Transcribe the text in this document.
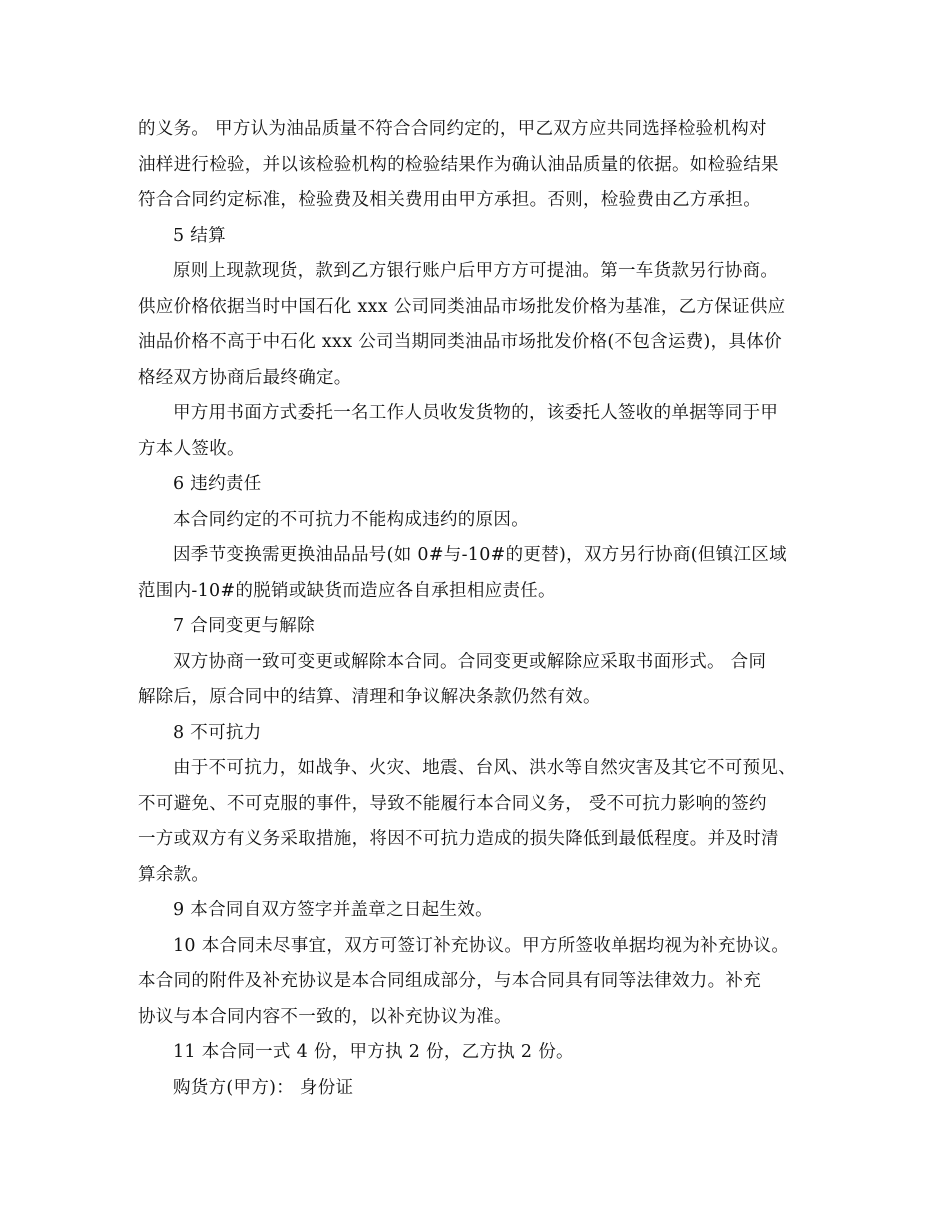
的义务。 甲方认为油品质量不符合合同约定的，甲乙双方应共同选择检验机构对
油样进行检验，并以该检验机构的检验结果作为确认油品质量的依据。如检验结果
符合合同约定标准，检验费及相关费用由甲方承担。否则，检验费由乙方承担。
5 结算
原则上现款现货，款到乙方银行账户后甲方方可提油。第一车货款另行协商。
供应价格依据当时中国石化 xxx 公司同类油品市场批发价格为基准，乙方保证供应
油品价格不高于中石化 xxx 公司当期同类油品市场批发价格(不包含运费)，具体价
格经双方协商后最终确定。
甲方用书面方式委托一名工作人员收发货物的，该委托人签收的单据等同于甲
方本人签收。
6 违约责任
本合同约定的不可抗力不能构成违约的原因。
因季节变换需更换油品品号(如 0#与-10#的更替)，双方另行协商(但镇江区域
范围内-10#的脱销或缺货而造应各自承担相应责任。
7 合同变更与解除
双方协商一致可变更或解除本合同。合同变更或解除应采取书面形式。 合同
解除后，原合同中的结算、清理和争议解决条款仍然有效。
8 不可抗力
由于不可抗力，如战争、火灾、地震、台风、洪水等自然灾害及其它不可预见、
不可避免、不可克服的事件，导致不能履行本合同义务， 受不可抗力影响的签约
一方或双方有义务采取措施，将因不可抗力造成的损失降低到最低程度。并及时清
算余款。
9 本合同自双方签字并盖章之日起生效。
10 本合同未尽事宜，双方可签订补充协议。甲方所签收单据均视为补充协议。
本合同的附件及补充协议是本合同组成部分，与本合同具有同等法律效力。补充
协议与本合同内容不一致的，以补充协议为准。
11 本合同一式 4 份，甲方执 2 份，乙方执 2 份。
购货方(甲方)： 身份证
